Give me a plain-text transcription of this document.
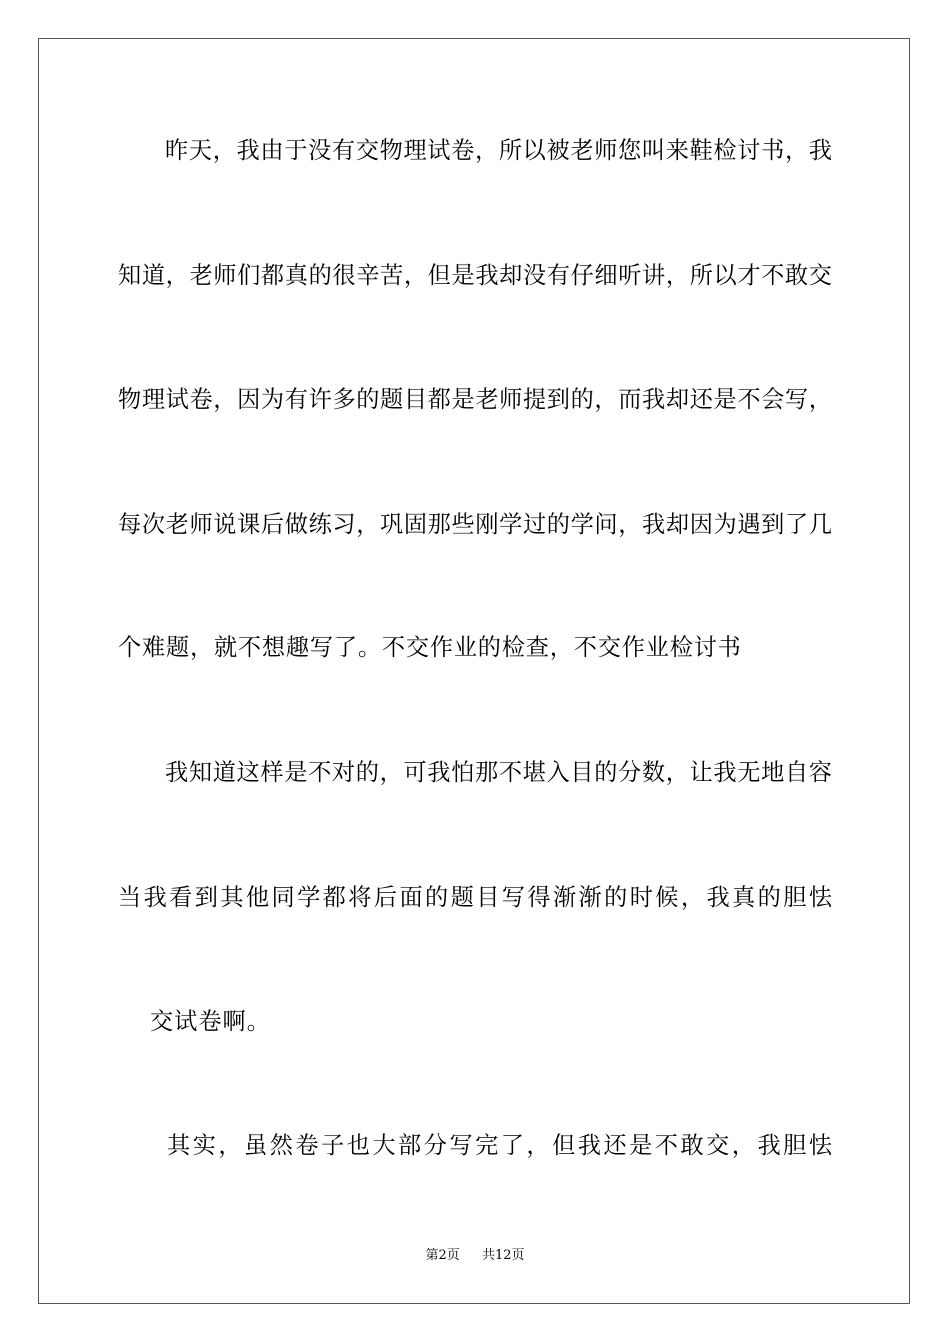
昨天，我由于没有交物理试卷，所以被老师您叫来鞋检讨书，我
知道，老师们都真的很辛苦，但是我却没有仔细听讲，所以才不敢交
物理试卷，因为有许多的题目都是老师提到的，而我却还是不会写，
每次老师说课后做练习，巩固那些刚学过的学问，我却因为遇到了几
个难题，就不想趣写了。不交作业的检查，不交作业检讨书
我知道这样是不对的，可我怕那不堪入目的分数，让我无地自容
当我看到其他同学都将后面的题目写得渐渐的时候，我真的胆怯
交试卷啊。
其实，虽然卷子也大部分写完了，但我还是不敢交，我胆怯
第2页 共12页
